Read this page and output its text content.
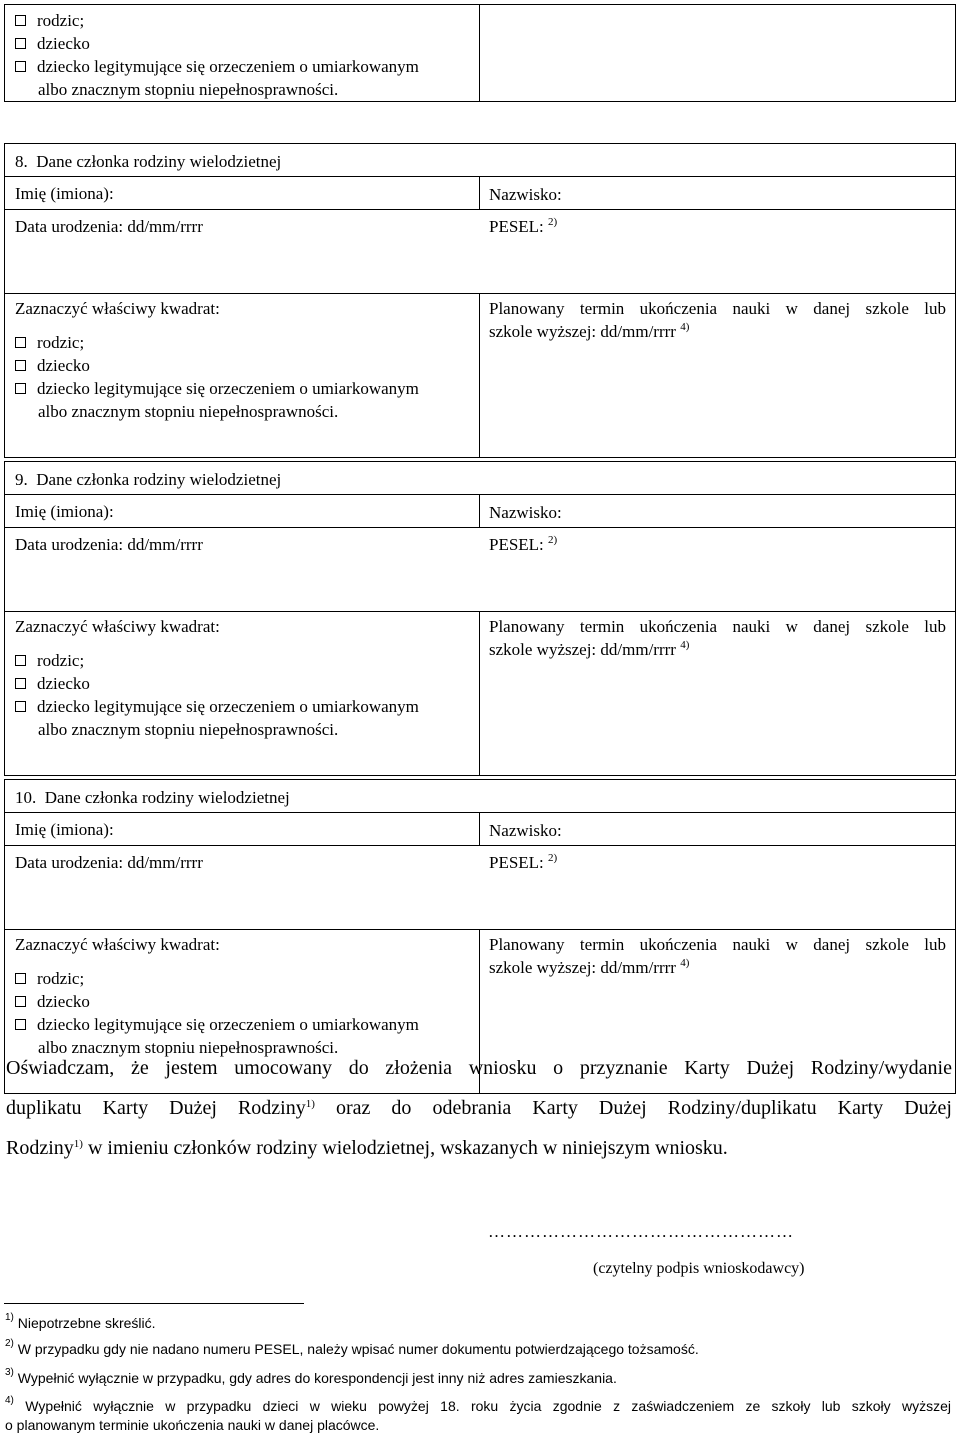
rodzic;
dziecko
dziecko legitymujące się orzeczeniem o umiarkowanym
albo znacznym stopniu niepełnosprawności.
8. Dane członka rodziny wielodzietnej
Imię (imiona):	Nazwisko:
Data urodzenia: dd/mm/rrrr	PESEL: $^{2)}$
Zaznaczyć właściwy kwadrat:
rodzic;
dziecko
dziecko legitymujące się orzeczeniem o umiarkowanym
albo znacznym stopniu niepełnosprawności.
Planowany termin ukończenia nauki w danej szkole lub
szkole wyższej: dd/mm/rrrr $^{4)}$
9. Dane członka rodziny wielodzietnej
Imię (imiona):	Nazwisko:
Data urodzenia: dd/mm/rrrr	PESEL: $^{2)}$
Zaznaczyć właściwy kwadrat:
rodzic;
dziecko
dziecko legitymujące się orzeczeniem o umiarkowanym
albo znacznym stopniu niepełnosprawności.
Planowany termin ukończenia nauki w danej szkole lub
szkole wyższej: dd/mm/rrrr $^{4)}$
10. Dane członka rodziny wielodzietnej
Imię (imiona):	Nazwisko:
Data urodzenia: dd/mm/rrrr	PESEL: $^{2)}$
Zaznaczyć właściwy kwadrat:
rodzic;
dziecko
dziecko legitymujące się orzeczeniem o umiarkowanym
albo znacznym stopniu niepełnosprawności.
Planowany termin ukończenia nauki w danej szkole lub
szkole wyższej: dd/mm/rrrr $^{4)}$

Oświadczam, że jestem umocowany do złożenia wniosku o przyznanie Karty Dużej Rodziny/wydanie

duplikatu Karty Dużej Rodziny$^{1)}$ oraz do odebrania Karty Dużej Rodziny/duplikatu Karty Dużej

Rodziny$^{1)}$ w imieniu członków rodziny wielodzietnej, wskazanych w niniejszym wniosku.

……………………………………………
(czytelny podpis wnioskodawcy)
$^{1)}$ Niepotrzebne skreślić.
$^{2)}$ W przypadku gdy nie nadano numeru PESEL, należy wpisać numer dokumentu potwierdzającego tożsamość.
$^{3)}$ Wypełnić wyłącznie w przypadku, gdy adres do korespondencji jest inny niż adres zamieszkania.
$^{4)}$ Wypełnić wyłącznie w przypadku dzieci w wieku powyżej 18. roku życia zgodnie z zaświadczeniem ze szkoły lub szkoły wyższej
o planowanym terminie ukończenia nauki w danej placówce.
